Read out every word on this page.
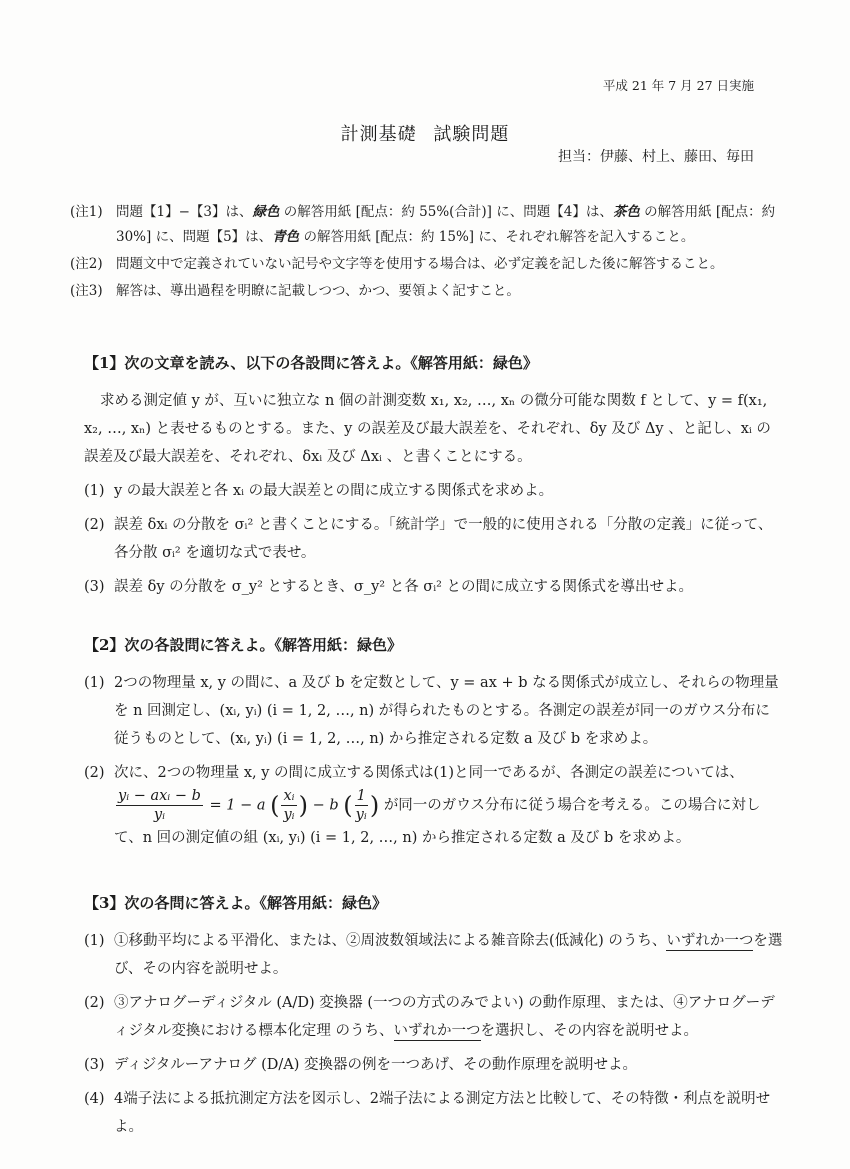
平成 21 年 7 月 27 日実施
計測基礎 試験問題
担当：伊藤、村上、藤田、毎田
(注1) 問題【1】−【3】は、緑色 の解答用紙 [配点：約 55%(合計)] に、問題【4】は、茶色 の解答用紙 [配点：約 30%] に、問題【5】は、青色 の解答用紙 [配点：約 15%] に、それぞれ解答を記入すること。
(注2) 問題文中で定義されていない記号や文字等を使用する場合は、必ず定義を記した後に解答すること。
(注3) 解答は、導出過程を明瞭に記載しつつ、かつ、要領よく記すこと。
【1】次の文章を読み、以下の各設問に答えよ。《解答用紙：緑色》
求める測定値 y が、互いに独立な n 個の計測変数 x₁, x₂, …, xₙ の微分可能な関数 f として、y = f(x₁, x₂, …, xₙ) と表せるものとする。また、y の誤差及び最大誤差を、それぞれ、δy 及び Δy 、と記し、xᵢ の誤差及び最大誤差を、それぞれ、δxᵢ 及び Δxᵢ 、と書くことにする。
(1) y の最大誤差と各 xᵢ の最大誤差との間に成立する関係式を求めよ。
(2) 誤差 δxᵢ の分散を σᵢ² と書くことにする。「統計学」で一般的に使用される「分散の定義」に従って、各分散 σᵢ² を適切な式で表せ。
(3) 誤差 δy の分散を σ_y² とするとき、σ_y² と各 σᵢ² との間に成立する関係式を導出せよ。
【2】次の各設問に答えよ。《解答用紙：緑色》
(1) 2つの物理量 x, y の間に、a 及び b を定数として、y = ax + b なる関係式が成立し、それらの物理量を n 回測定し、(xᵢ, yᵢ) (i = 1, 2, …, n) が得られたものとする。各測定の誤差が同一のガウス分布に従うものとして、(xᵢ, yᵢ) (i = 1, 2, …, n) から推定される定数 a 及び b を求めよ。
(2) 次に、2つの物理量 x, y の間に成立する関係式は(1)と同一であるが、各測定の誤差については、

$\frac{\text{yᵢ − axᵢ − b}}{\text{yᵢ}} = 1 - a$ ( $\frac{\text{xᵢ}}{\text{yᵢ}}$ ) − b ( $\frac{1}{\text{yᵢ}}$ ) が同一のガウス分布に従う場合を考える。この場合に対して、n 回の測定値の組 (xᵢ, yᵢ) (i = 1, 2, …, n) から推定される定数 a 及び b を求めよ。
【3】次の各問に答えよ。《解答用紙：緑色》
(1) ①移動平均による平滑化、または、②周波数領域法による雑音除去(低減化) のうち、いずれか一つを選び、その内容を説明せよ。
(2) ③アナログーディジタル (A/D) 変換器 (一つの方式のみでよい) の動作原理、または、④アナログーディジタル変換における標本化定理 のうち、いずれか一つを選択し、その内容を説明せよ。
(3) ディジタルーアナログ (D/A) 変換器の例を一つあげ、その動作原理を説明せよ。
(4) 4端子法による抵抗測定方法を図示し、2端子法による測定方法と比較して、その特徴・利点を説明せよ。
